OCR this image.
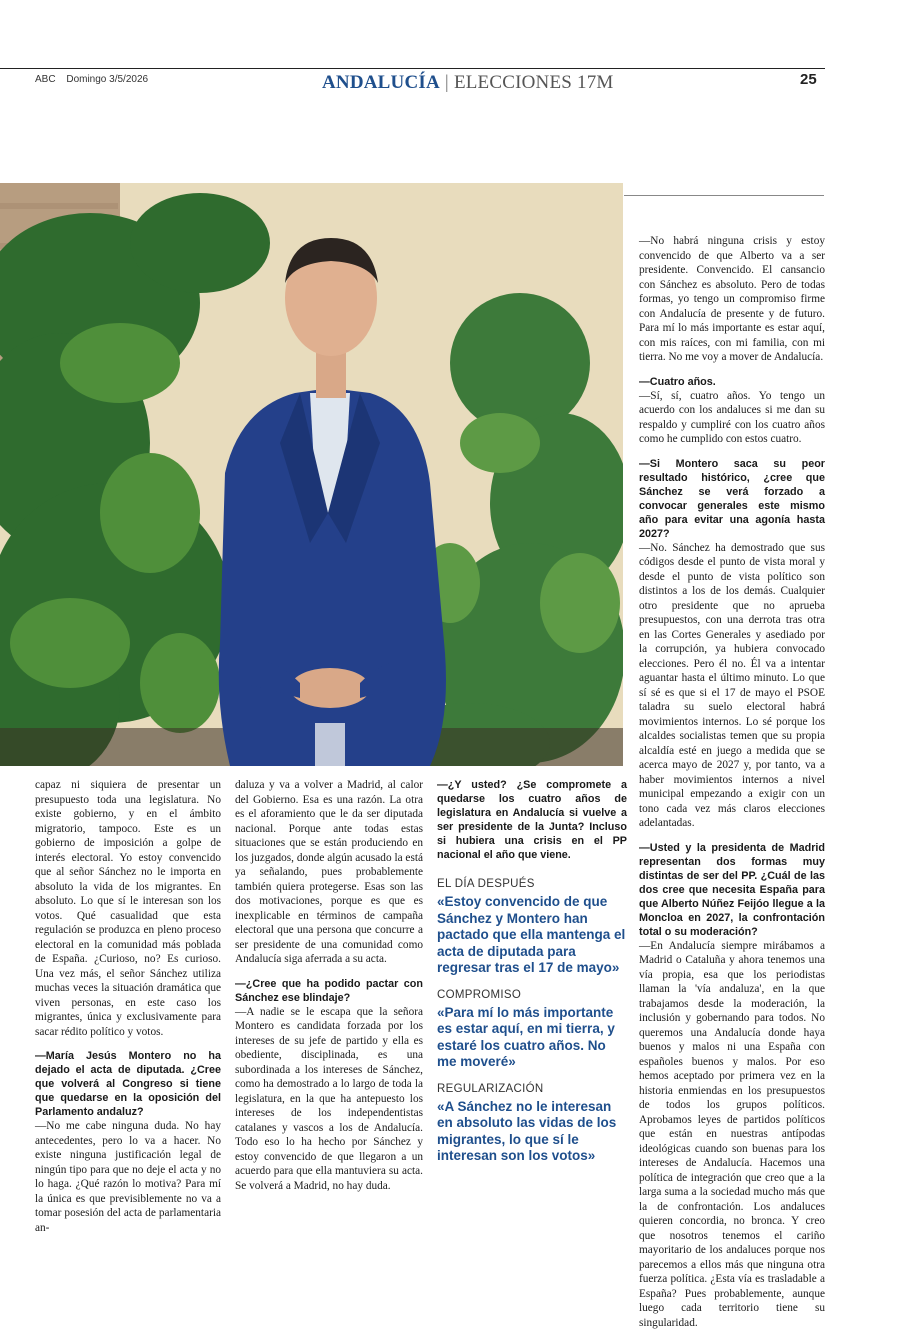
ABC Domingo 3/5/2026	ANDALUCÍA | ELECCIONES 17M	25

capaz ni siquiera de presentar un presupuesto toda una legislatura. No existe gobierno, y en el ámbito migratorio, tampoco. Este es un gobierno de imposición a golpe de interés electoral. Yo estoy convencido que al señor Sánchez no le importa en absoluto la vida de los migrantes. En absoluto. Lo que sí le interesan son los votos. Qué casualidad que esta regulación se produzca en pleno proceso electoral en la comunidad más poblada de España. ¿Curioso, no? Es curioso. Una vez más, el señor Sánchez utiliza muchas veces la situación dramática que viven personas, en este caso los migrantes, única y exclusivamente para sacar rédito político y votos.

—María Jesús Montero no ha dejado el acta de diputada. ¿Cree que volverá al Congreso si tiene que quedarse en la oposición del Parlamento andaluz?

—No me cabe ninguna duda. No hay antecedentes, pero lo va a hacer. No existe ninguna justificación legal de ningún tipo para que no deje el acta y no lo haga. ¿Qué razón lo motiva? Para mí la única es que previsiblemente no va a tomar posesión del acta de parlamentaria an-

daluza y va a volver a Madrid, al calor del Gobierno. Esa es una razón. La otra es el aforamiento que le da ser diputada nacional. Porque ante todas estas situaciones que se están produciendo en los juzgados, donde algún acusado la está ya señalando, pues probablemente también quiera protegerse. Esas son las dos motivaciones, porque es que es inexplicable en términos de campaña electoral que una persona que concurre a ser presidente de una comunidad como Andalucía siga aferrada a su acta.

—¿Cree que ha podido pactar con Sánchez ese blindaje?

—A nadie se le escapa que la señora Montero es candidata forzada por los intereses de su jefe de partido y ella es obediente, disciplinada, es una subordinada a los intereses de Sánchez, como ha demostrado a lo largo de toda la legislatura, en la que ha antepuesto los intereses de los independentistas catalanes y vascos a los de Andalucía. Todo eso lo ha hecho por Sánchez y estoy convencido de que llegaron a un acuerdo para que ella mantuviera su acta. Se volverá a Madrid, no hay duda.

—¿Y usted? ¿Se compromete a quedarse los cuatro años de legislatura en Andalucía si vuelve a ser presidente de la Junta? Incluso si hubiera una crisis en el PP nacional el año que viene.

EL DÍA DESPUÉS

«Estoy convencido de que Sánchez y Montero han pactado que ella mantenga el acta de diputada para regresar tras el 17 de mayo»

COMPROMISO

«Para mí lo más importante es estar aquí, en mi tierra, y estaré los cuatro años. No me moveré»

REGULARIZACIÓN

«A Sánchez no le interesan en absoluto las vidas de los migrantes, lo que sí le interesan son los votos»

—No habrá ninguna crisis y estoy convencido de que Alberto va a ser presidente. Convencido. El cansancio con Sánchez es absoluto. Pero de todas formas, yo tengo un compromiso firme con Andalucía de presente y de futuro. Para mí lo más importante es estar aquí, con mis raíces, con mi familia, con mi tierra. No me voy a mover de Andalucía.

—Cuatro años.

—Sí, sí, cuatro años. Yo tengo un acuerdo con los andaluces si me dan su respaldo y cumpliré con los cuatro años como he cumplido con estos cuatro.

—Si Montero saca su peor resultado histórico, ¿cree que Sánchez se verá forzado a convocar generales este mismo año para evitar una agonía hasta 2027?

—No. Sánchez ha demostrado que sus códigos desde el punto de vista moral y desde el punto de vista político son distintos a los de los demás. Cualquier otro presidente que no aprueba presupuestos, con una derrota tras otra en las Cortes Generales y asediado por la corrupción, ya hubiera convocado elecciones. Pero él no. Él va a intentar aguantar hasta el último minuto. Lo que sí sé es que si el 17 de mayo el PSOE taladra su suelo electoral habrá movimientos internos. Lo sé porque los alcaldes socialistas temen que su propia alcaldía esté en juego a medida que se acerca mayo de 2027 y, por tanto, va a haber movimientos internos a nivel municipal empezando a exigir con un tono cada vez más claros elecciones adelantadas.

—Usted y la presidenta de Madrid representan dos formas muy distintas de ser del PP. ¿Cuál de las dos cree que necesita España para que Alberto Núñez Feijóo llegue a la Moncloa en 2027, la confrontación total o su moderación?

—En Andalucía siempre mirábamos a Madrid o Cataluña y ahora tenemos una vía propia, esa que los periodistas llaman la 'vía andaluza', en la que trabajamos desde la moderación, la inclusión y gobernando para todos. No queremos una Andalucía donde haya buenos y malos ni una España con españoles buenos y malos. Por eso hemos aceptado por primera vez en la historia enmiendas en los presupuestos de todos los grupos políticos. Aprobamos leyes de partidos políticos que están en nuestras antípodas ideológicas cuando son buenas para los intereses de Andalucía. Hacemos una política de integración que creo que a la larga suma a la sociedad mucho más que la de confrontación. Los andaluces quieren concordia, no bronca. Y creo que nosotros tenemos el cariño mayoritario de los andaluces porque nos parecemos a ellos más que ninguna otra fuerza política. ¿Esta vía es trasladable a España? Pues probablemente, aunque luego cada territorio tiene su singularidad.
